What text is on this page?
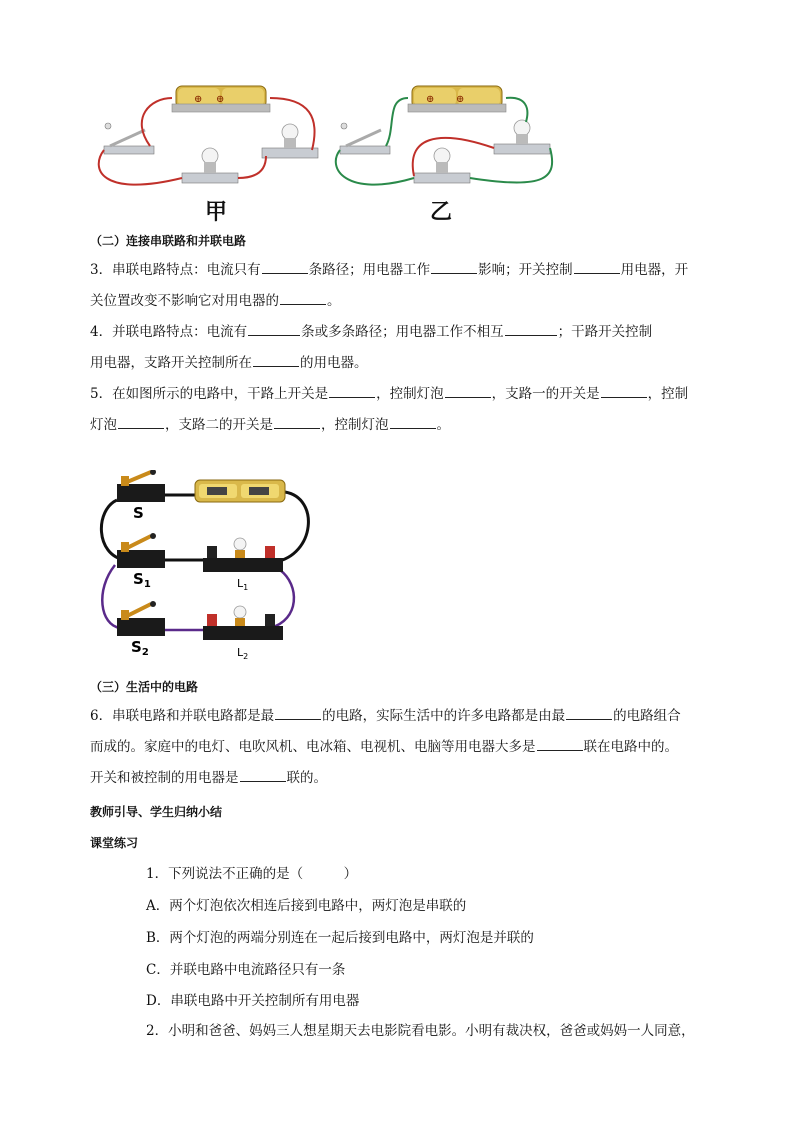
⊕ ⊕	⊕ ⊕
甲	乙
（二）连接串联路和并联电路
3．串联电路特点：电流只有	条路径；用电器工作	影响；开关控制	用电器，开
关位置改变不影响它对用电器的	。
4．并联电路特点：电流有	条或多条路径；用电器工作不相互	；干路开关控制
用电器，支路开关控制所在	的用电器。
5．在如图所示的电路中，干路上开关是	，控制灯泡	，支路一的开关是	，控制
灯泡	，支路二的开关是	，控制灯泡	。
S
$S_1$
$S_2$
$L_1$
$L_2$
（三）生活中的电路
6．串联电路和并联电路都是最	的电路，实际生活中的许多电路都是由最	的电路组合
而成的。家庭中的电灯、电吹风机、电冰箱、电视机、电脑等用电器大多是	联在电路中的。
开关和被控制的用电器是	联的。
教师引导、学生归纳小结
课堂练习
1．下列说法不正确的是（　　　）
A．两个灯泡依次相连后接到电路中，两灯泡是串联的
B．两个灯泡的两端分别连在一起后接到电路中，两灯泡是并联的
C．并联电路中电流路径只有一条
D．串联电路中开关控制所有用电器
2．小明和爸爸、妈妈三人想星期天去电影院看电影。小明有裁决权，爸爸或妈妈一人同意，
